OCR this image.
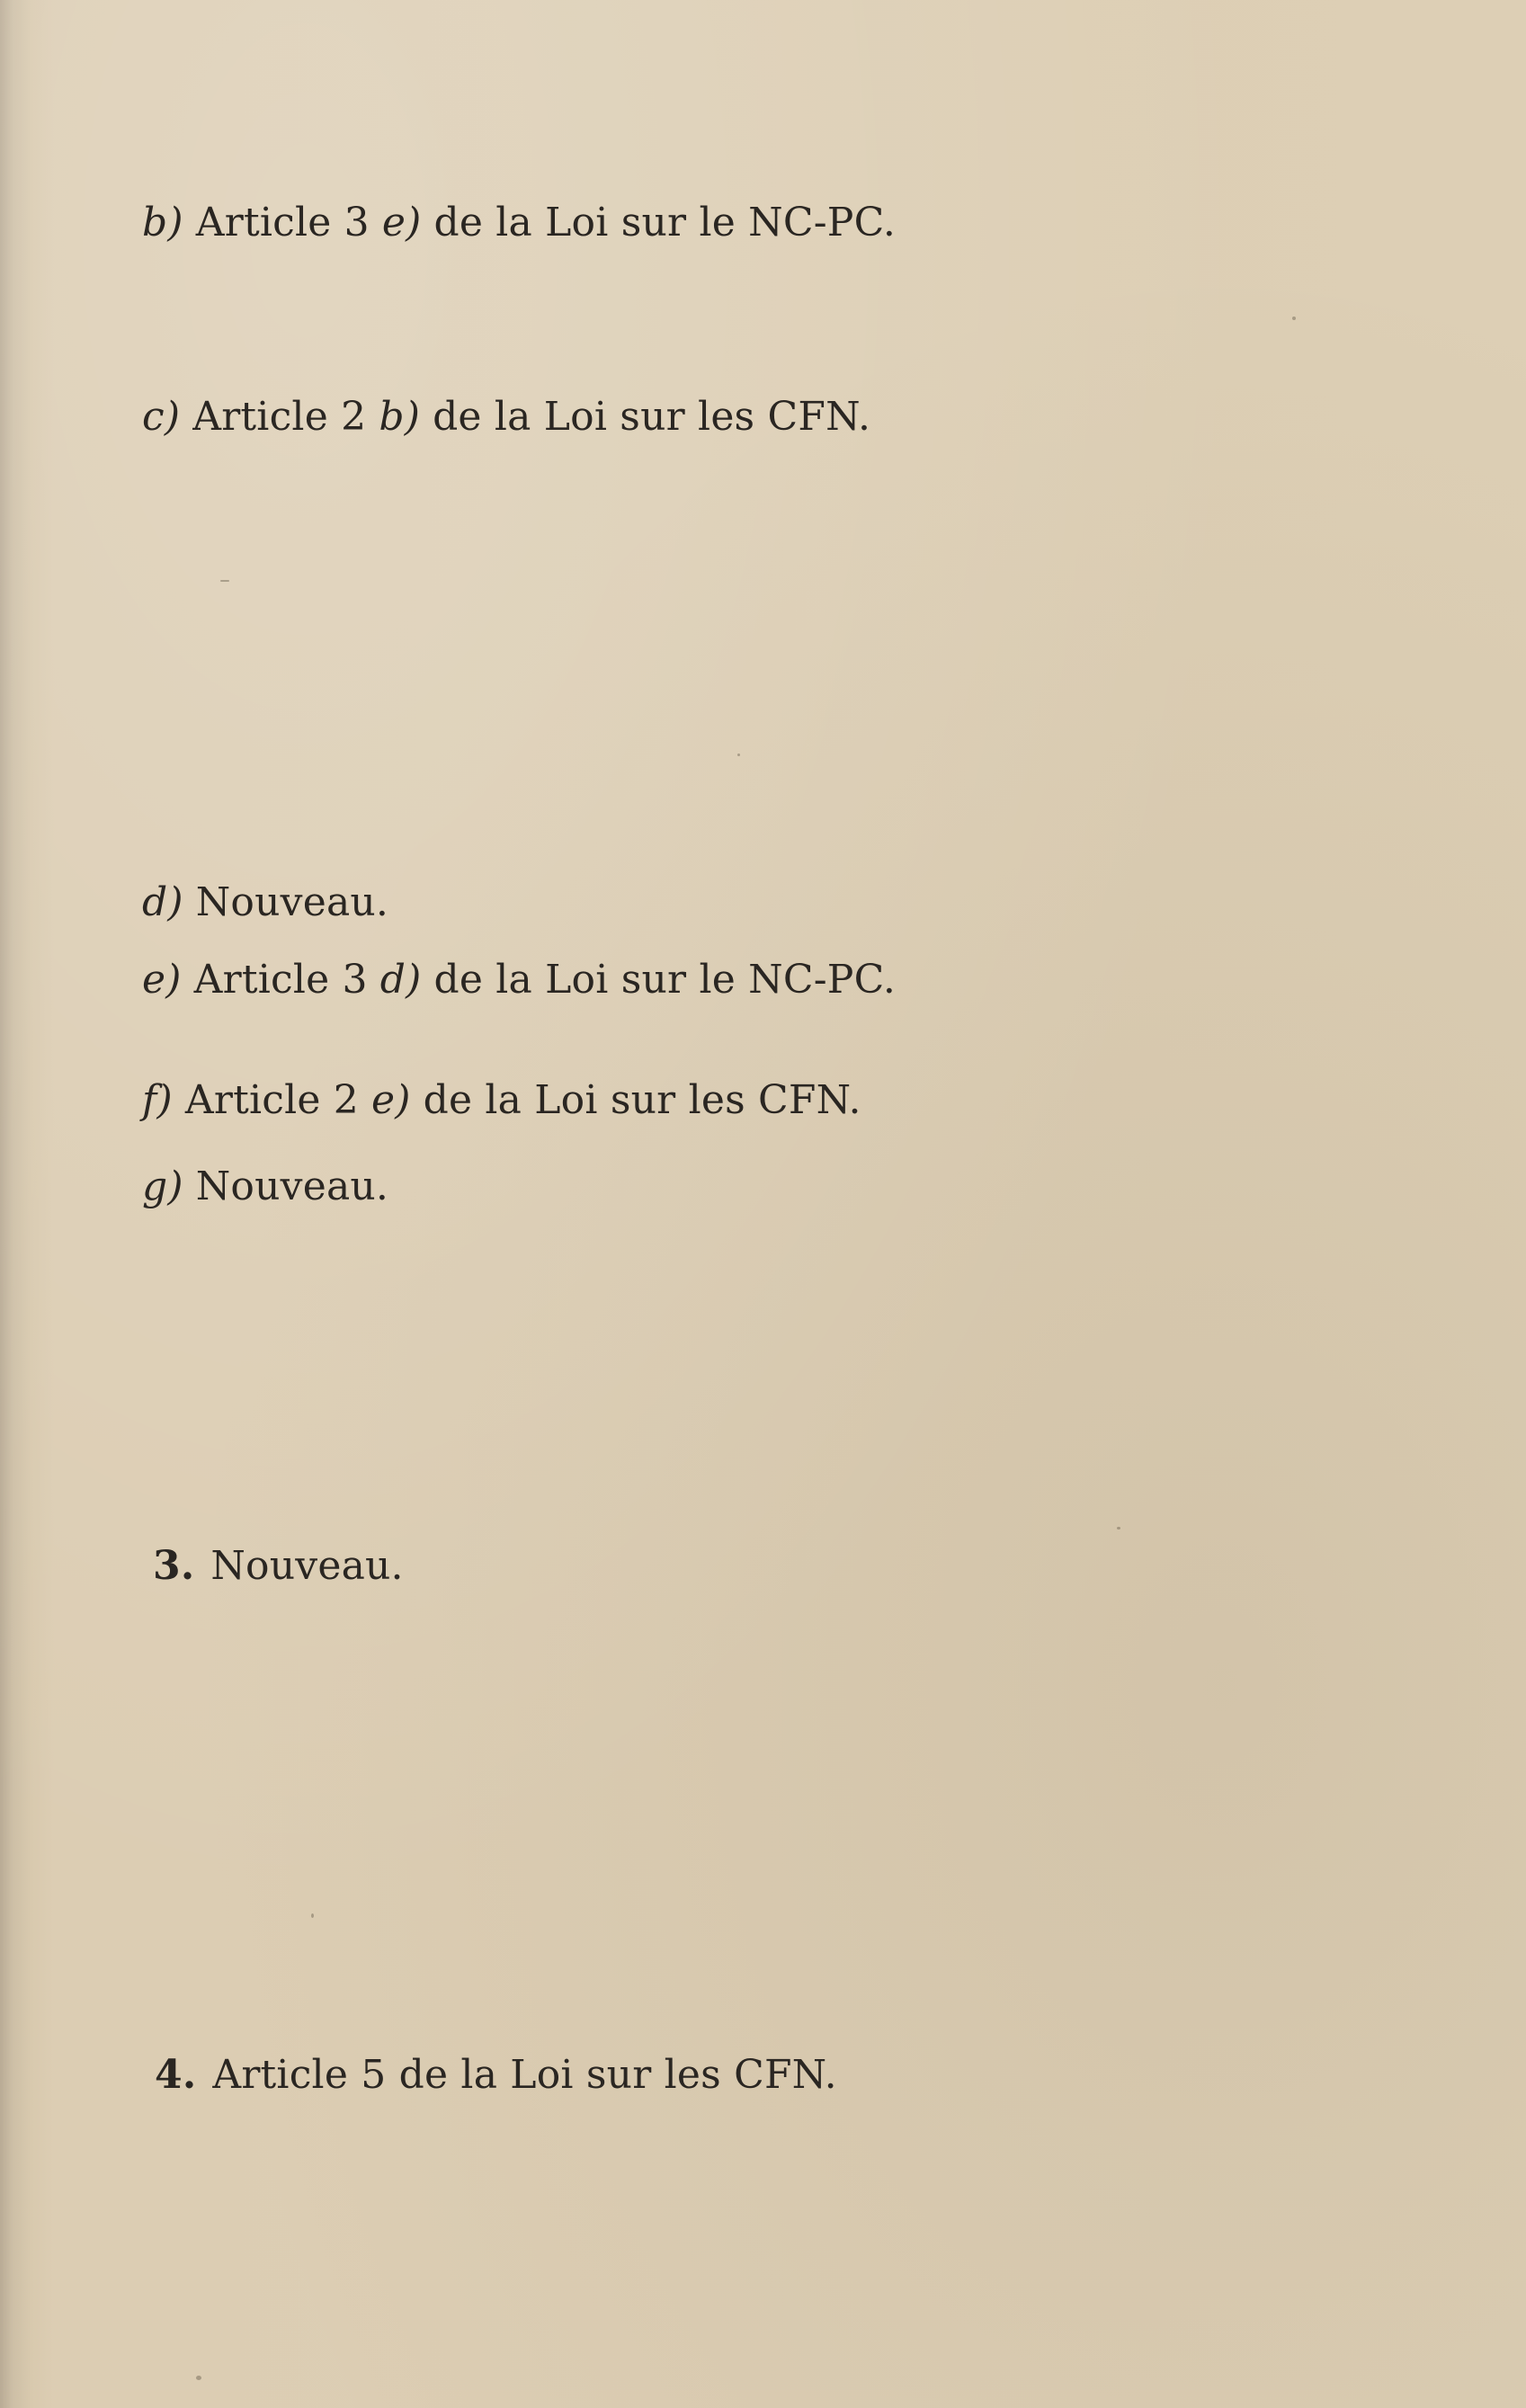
b) Article 3 e) de la Loi sur le NC-PC.
c) Article 2 b) de la Loi sur les CFN.
d) Nouveau.
e) Article 3 d) de la Loi sur le NC-PC.
f) Article 2 e) de la Loi sur les CFN.
g) Nouveau.
3. Nouveau.
4. Article 5 de la Loi sur les CFN.
